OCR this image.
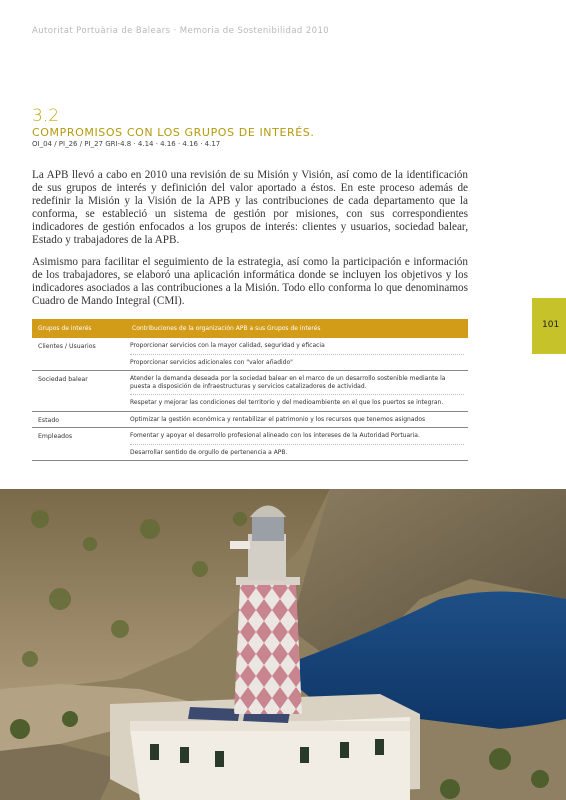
Autoritat Portuària de Balears · Memoria de Sostenibilidad 2010
3.2
COMPROMISOS CON LOS GRUPOS DE INTERÉS.
OI_04 / PI_26 / PI_27 GRI-4.8 · 4.14 · 4.16 · 4.16 · 4.17
La APB llevó a cabo en 2010 una revisión de su Misión y Visión, así como de la identificación de sus grupos de interés y definición del valor aportado a éstos. En este proceso además de redefinir la Misión y la Visión de la APB y las contribuciones de cada departamento que la conforma, se estableció un sistema de gestión por misiones, con sus correspondientes indicadores de gestión enfocados a los grupos de interés: clientes y usuarios, sociedad balear, Estado y trabajadores de la APB.
Asimismo para facilitar el seguimiento de la estrategia, así como la participación e información de los trabajadores, se elaboró una aplicación informática donde se incluyen los objetivos y los indicadores asociados a las contribuciones a la Misión. Todo ello conforma lo que denominamos Cuadro de Mando Integral (CMI).
101
Grupos de interés	Contribuciones de la organización APB a sus Grupos de interés
Clientes / Usuarios	Proporcionar servicios con la mayor calidad, seguridad y eficacia
Proporcionar servicios adicionales con "valor añadido"

Sociedad balear	Atender la demanda deseada por la sociedad balear en el marco de un desarrollo sostenible mediante la puesta a disposición de infraestructuras y servicios catalizadores de actividad.
Respetar y mejorar las condiciones del territorio y del medioambiente en el que los puertos se integran.

Estado	Optimizar la gestión económica y rentabilizar el patrimonio y los recursos que tenemos asignados

Empleados	Fomentar y apoyar el desarrollo profesional alineado con los intereses de la Autoridad Portuaria.
Desarrollar sentido de orgullo de pertenencia a APB.
